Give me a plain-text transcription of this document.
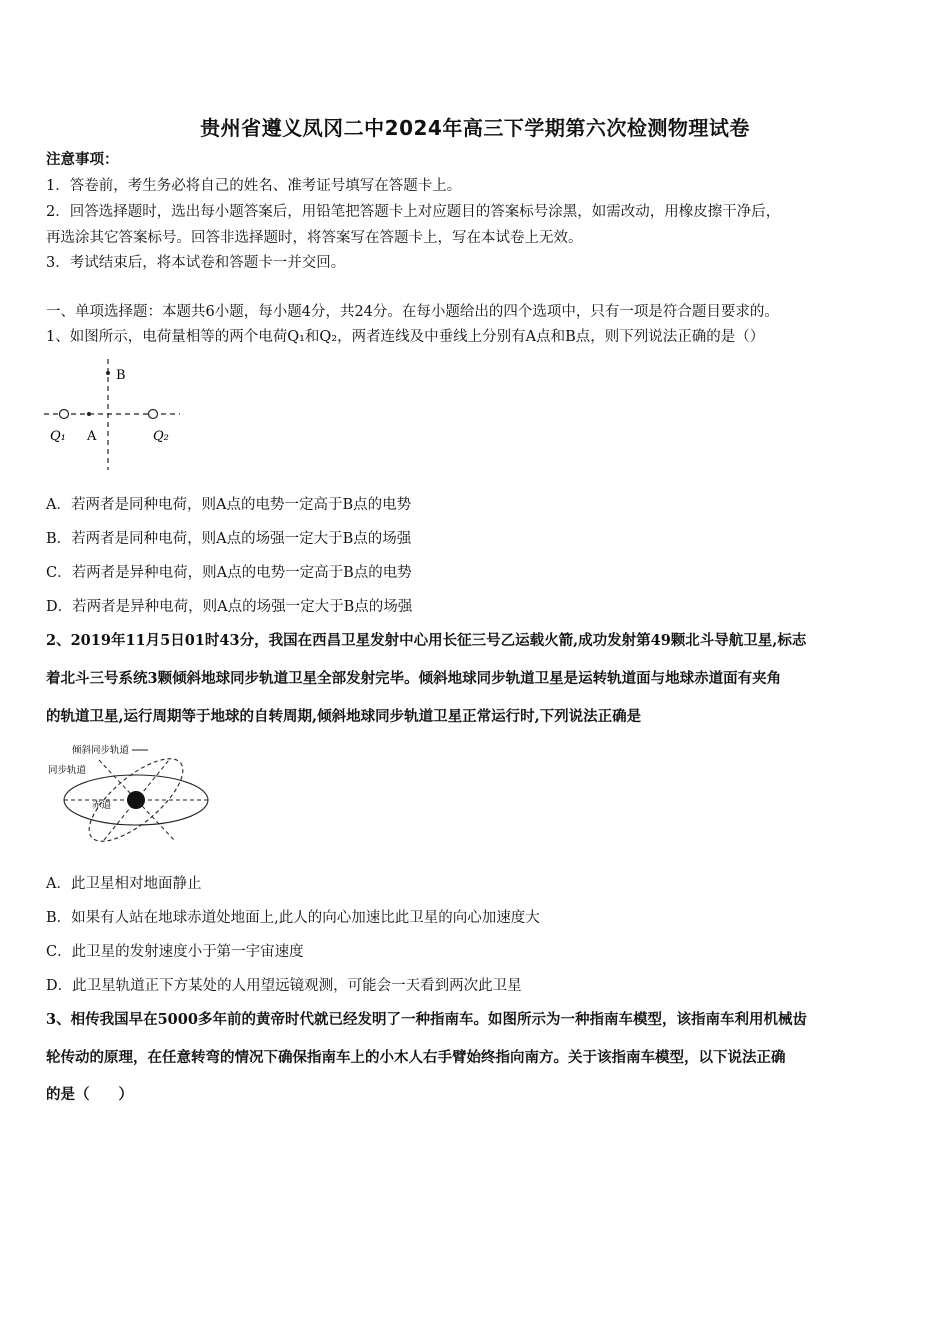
贵州省遵义凤冈二中2024年高三下学期第六次检测物理试卷
注意事项：
1．答卷前，考生务必将自己的姓名、准考证号填写在答题卡上。
2．回答选择题时，选出每小题答案后，用铅笔把答题卡上对应题目的答案标号涂黑，如需改动，用橡皮擦干净后，
再选涂其它答案标号。回答非选择题时，将答案写在答题卡上，写在本试卷上无效。
3．考试结束后，将本试卷和答题卡一并交回。
一、单项选择题：本题共6小题，每小题4分，共24分。在每小题给出的四个选项中，只有一项是符合题目要求的。
1、如图所示，电荷量相等的两个电荷Q₁和Q₂，两者连线及中垂线上分别有A点和B点，则下列说法正确的是（）
B
A
Q₁	Q₂
A．若两者是同种电荷，则A点的电势一定高于B点的电势
B．若两者是同种电荷，则A点的场强一定大于B点的场强
C．若两者是异种电荷，则A点的电势一定高于B点的电势
D．若两者是异种电荷，则A点的场强一定大于B点的场强
2、2019年11月5日01时43分，我国在西昌卫星发射中心用长征三号乙运载火箭,成功发射第49颗北斗导航卫星,标志
着北斗三号系统3颗倾斜地球同步轨道卫星全部发射完毕。倾斜地球同步轨道卫星是运转轨道面与地球赤道面有夹角
的轨道卫星,运行周期等于地球的自转周期,倾斜地球同步轨道卫星正常运行时,下列说法正确是
倾斜同步轨道
同步轨道
赤道
A．此卫星相对地面静止
B．如果有人站在地球赤道处地面上,此人的向心加速比此卫星的向心加速度大
C．此卫星的发射速度小于第一宇宙速度
D．此卫星轨道正下方某处的人用望远镜观测，可能会一天看到两次此卫星
3、相传我国早在5000多年前的黄帝时代就已经发明了一种指南车。如图所示为一种指南车模型，该指南车利用机械齿
轮传动的原理，在任意转弯的情况下确保指南车上的小木人右手臂始终指向南方。关于该指南车模型，以下说法正确
的是（　　）
